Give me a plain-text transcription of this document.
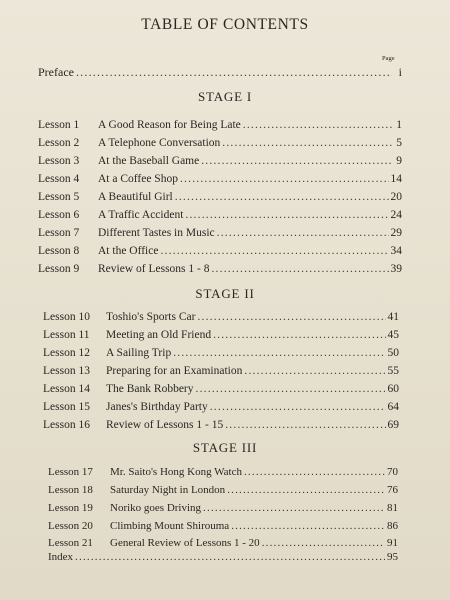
TABLE OF CONTENTS
Page
Preface .....	i
STAGE I
Lesson 1	A Good Reason for Being Late .....	1
Lesson 2	A Telephone Conversation .....	5
Lesson 3	At the Baseball Game .....	9
Lesson 4	At a Coffee Shop .....	14
Lesson 5	A Beautiful Girl .....	20
Lesson 6	A Traffic Accident .....	24
Lesson 7	Different Tastes in Music .....	29
Lesson 8	At the Office .....	34
Lesson 9	Review of Lessons 1 - 8 .....	39
STAGE II
Lesson 10	Toshio's Sports Car .....	41
Lesson 11	Meeting an Old Friend .....	45
Lesson 12	A Sailing Trip .....	50
Lesson 13	Preparing for an Examination .....	55
Lesson 14	The Bank Robbery .....	60
Lesson 15	Janes's Birthday Party .....	64
Lesson 16	Review of Lessons 1 - 15 .....	69
STAGE III
Lesson 17	Mr. Saito's Hong Kong Watch .....	70
Lesson 18	Saturday Night in London .....	76
Lesson 19	Noriko goes Driving .....	81
Lesson 20	Climbing Mount Shirouma .....	86
Lesson 21	General Review of Lessons 1 - 20 .....	91
Index .....	95
